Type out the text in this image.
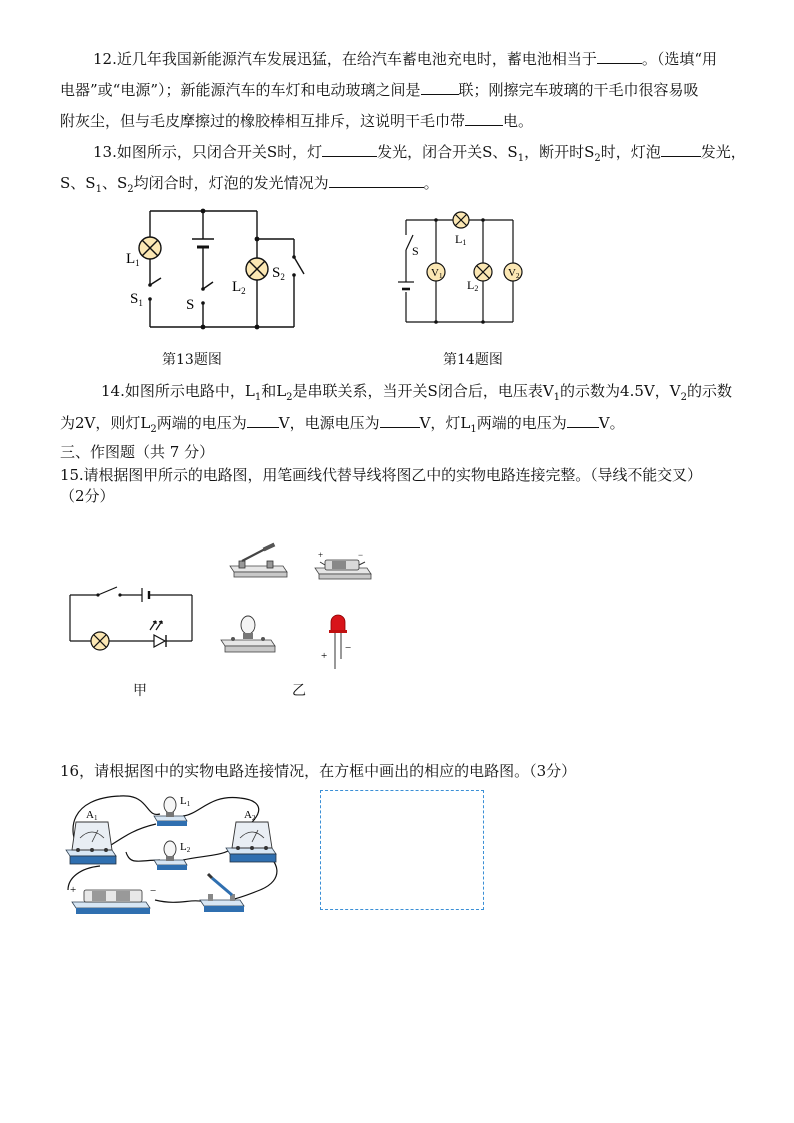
12.近几年我国新能源汽车发展迅猛，在给汽车蓄电池充电时，蓄电池相当于	。（选填“用
电器”或“电源”）；新能源汽车的车灯和电动玻璃之间是	联；刚擦完车玻璃的干毛巾很容易吸
附灰尘，但与毛皮摩擦过的橡胶棒相互排斥，这说明干毛巾带	电。
13.如图所示，只闭合开关S时，灯	发光，闭合开关S、$S_1$，断开时$S_2$时，灯泡	发光，
S、$S_1$、$S_2$均闭合时，灯泡的发光情况为	。
$L_1$
$S_1$	S
$L_2$
$S_2$
第13题图
V1	V2
S
L1
L2
第14题图
14.如图所示电路中，$L_1$和$L_2$是串联关系，当开关S闭合后，电压表$V_1$的示数为4.5V，$V_2$的示数
为2V，则灯$L_2$两端的电压为 V，电源电压为	V，灯$L_1$两端的电压为 V。
三、作图题（共 7 分）
15.请根据图甲所示的电路图，用笔画线代替导线将图乙中的实物电路连接完整。（导线不能交叉）
（2分）
甲
+	−
+
−
乙
16，请根据图中的实物电路连接情况，在方框中画出的相应的电路图。（3分）
A1	A2
L1
L2
+	−
